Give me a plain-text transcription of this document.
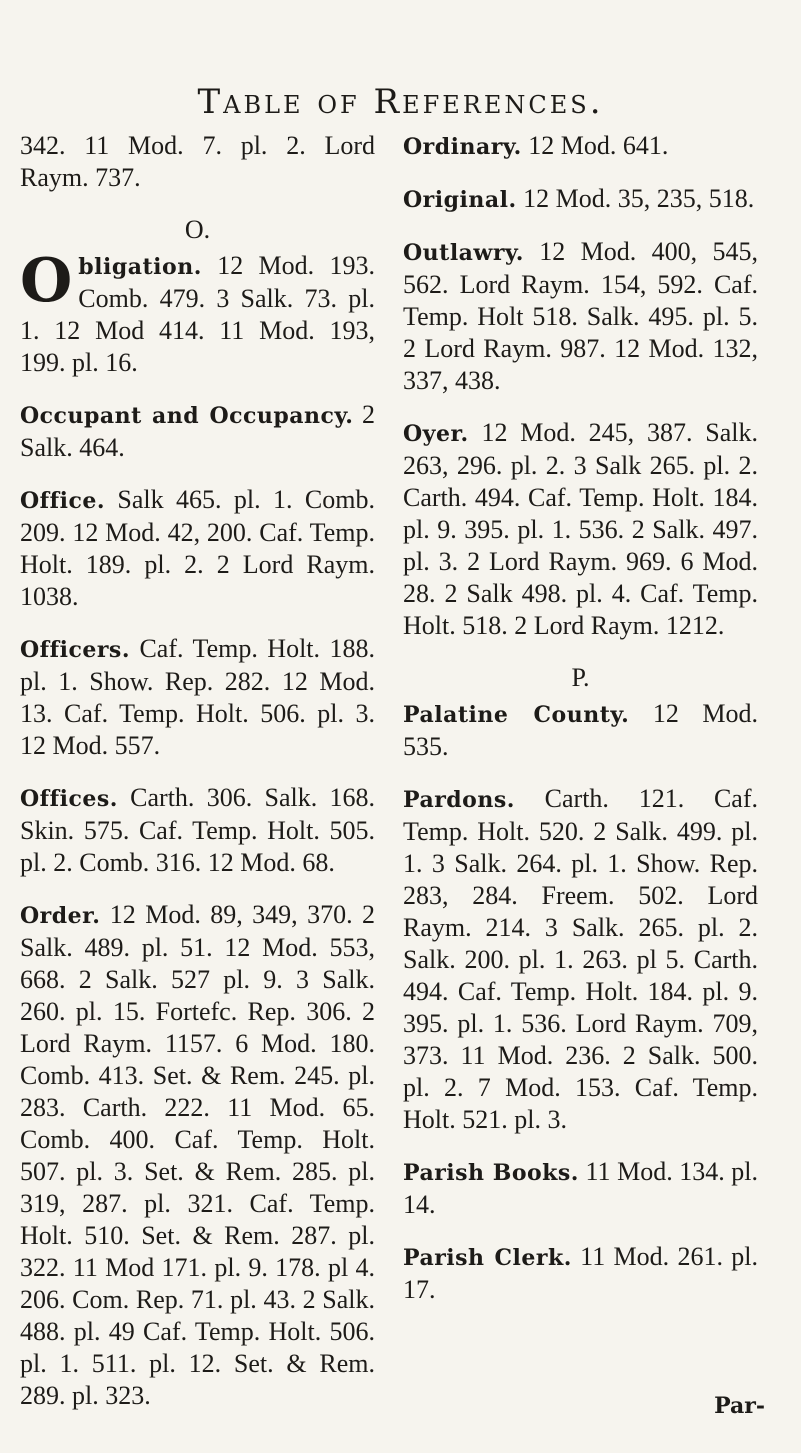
Table of References.
342. 11 Mod. 7. pl. 2. Lord Raym. 737.
O.
Obligation. 12 Mod. 193. Comb. 479. 3 Salk. 73. pl. 1. 12 Mod 414. 11 Mod. 193, 199. pl. 16.
Occupant and Occupancy. 2 Salk. 464.
Office. Salk 465. pl. 1. Comb. 209. 12 Mod. 42, 200. Caf. Temp. Holt. 189. pl. 2. 2 Lord Raym. 1038.
Officers. Caf. Temp. Holt. 188. pl. 1. Show. Rep. 282. 12 Mod. 13. Caf. Temp. Holt. 506. pl. 3. 12 Mod. 557.
Offices. Carth. 306. Salk. 168. Skin. 575. Caf. Temp. Holt. 505. pl. 2. Comb. 316. 12 Mod. 68.
Order. 12 Mod. 89, 349, 370. 2 Salk. 489. pl. 51. 12 Mod. 553, 668. 2 Salk. 527 pl. 9. 3 Salk. 260. pl. 15. Fortefc. Rep. 306. 2 Lord Raym. 1157. 6 Mod. 180. Comb. 413. Set. & Rem. 245. pl. 283. Carth. 222. 11 Mod. 65. Comb. 400. Caf. Temp. Holt. 507. pl. 3. Set. & Rem. 285. pl. 319, 287. pl. 321. Caf. Temp. Holt. 510. Set. & Rem. 287. pl. 322. 11 Mod 171. pl. 9. 178. pl 4. 206. Com. Rep. 71. pl. 43. 2 Salk. 488. pl. 49 Caf. Temp. Holt. 506. pl. 1. 511. pl. 12. Set. & Rem. 289. pl. 323.
Ordinary. 12 Mod. 641.
Original. 12 Mod. 35, 235, 518.
Outlawry. 12 Mod. 400, 545, 562. Lord Raym. 154, 592. Caf. Temp. Holt 518. Salk. 495. pl. 5. 2 Lord Raym. 987. 12 Mod. 132, 337, 438.
Oyer. 12 Mod. 245, 387. Salk. 263, 296. pl. 2. 3 Salk 265. pl. 2. Carth. 494. Caf. Temp. Holt. 184. pl. 9. 395. pl. 1. 536. 2 Salk. 497. pl. 3. 2 Lord Raym. 969. 6 Mod. 28. 2 Salk 498. pl. 4. Caf. Temp. Holt. 518. 2 Lord Raym. 1212.
P.
Palatine County. 12 Mod. 535.
Pardons. Carth. 121. Caf. Temp. Holt. 520. 2 Salk. 499. pl. 1. 3 Salk. 264. pl. 1. Show. Rep. 283, 284. Freem. 502. Lord Raym. 214. 3 Salk. 265. pl. 2. Salk. 200. pl. 1. 263. pl 5. Carth. 494. Caf. Temp. Holt. 184. pl. 9. 395. pl. 1. 536. Lord Raym. 709, 373. 11 Mod. 236. 2 Salk. 500. pl. 2. 7 Mod. 153. Caf. Temp. Holt. 521. pl. 3.
Parish Books. 11 Mod. 134. pl. 14.
Parish Clerk. 11 Mod. 261. pl. 17.
Par-
